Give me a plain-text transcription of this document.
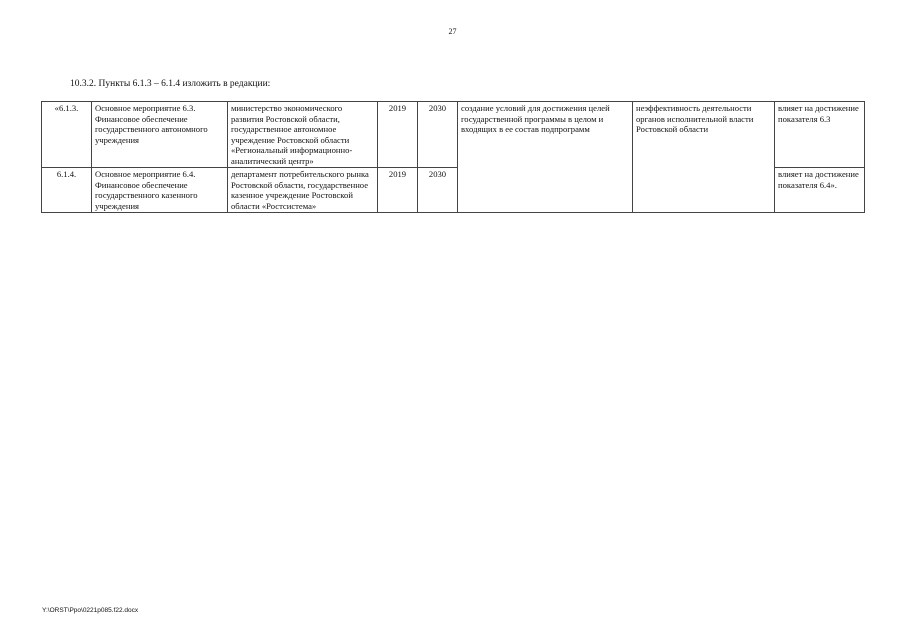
27
10.3.2. Пункты 6.1.3 – 6.1.4 изложить в редакции:
«6.1.3.	Основное мероприятие 6.3. Финансовое обеспечение государственного автономного учреждения	министерство экономического развития Ростовской области, государственное автономное учреждение Ростовской области «Региональный информационно-аналитический центр»	2019	2030	создание условий для достижения целей государственной программы в целом и входящих в ее состав подпрограмм	неэффективность деятельности органов исполнительной власти Ростовской области	влияет на достижение показателя 6.3
6.1.4.	Основное мероприятие 6.4. Финансовое обеспечение государственного казенного учреждения	департамент потребительского рынка Ростовской области, государственное казенное учреждение Ростовской области «Ростсистема»	2019	2030			влияет на достижение показателя 6.4».
Y:\ORST\Ppo\0221p085.f22.docx
